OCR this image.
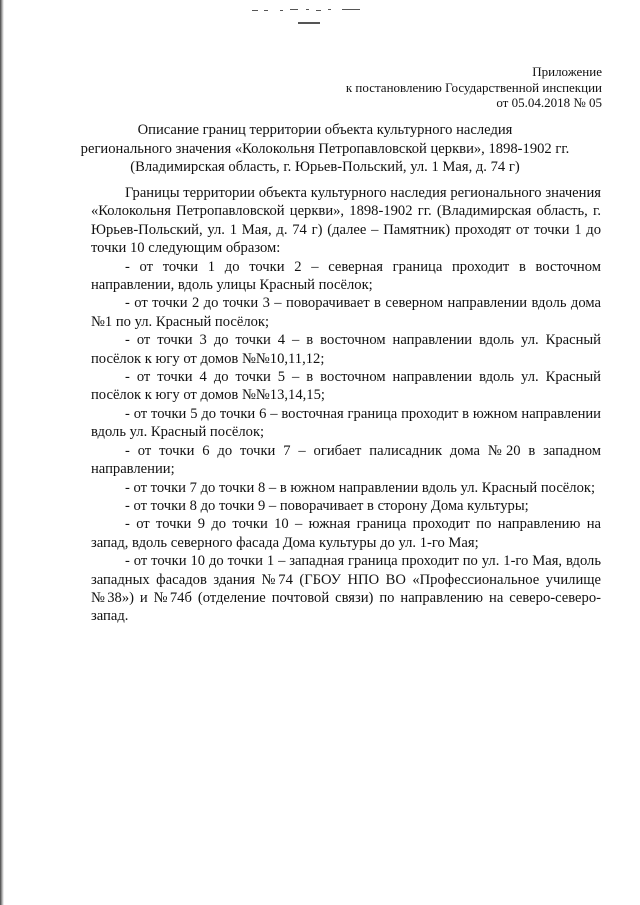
Приложение
к постановлению Государственной инспекции
от 05.04.2018 № 05
Описание границ территории объекта культурного наследия
регионального значения «Колокольня Петропавловской церкви», 1898-1902 гг.
(Владимирская область, г. Юрьев-Польский, ул. 1 Мая, д. 74 г)

Границы территории объекта культурного наследия регионального значения «Колокольня Петропавловской церкви», 1898-1902 гг. (Владимирская область, г. Юрьев-Польский, ул. 1 Мая, д. 74 г) (далее – Памятник) проходят от точки 1 до точки 10 следующим образом:

- от точки 1 до точки 2 – северная граница проходит в восточном направлении, вдоль улицы Красный посёлок;

- от точки 2 до точки 3 – поворачивает в северном направлении вдоль дома №1 по ул. Красный посёлок;

- от точки 3 до точки 4 – в восточном направлении вдоль ул. Красный посёлок к югу от домов №№10,11,12;

- от точки 4 до точки 5 – в восточном направлении вдоль ул. Красный посёлок к югу от домов №№13,14,15;

- от точки 5 до точки 6 – восточная граница проходит в южном направлении вдоль ул. Красный посёлок;

- от точки 6 до точки 7 – огибает палисадник дома №20 в западном направлении;

- от точки 7 до точки 8 – в южном направлении вдоль ул. Красный посёлок;

- от точки 8 до точки 9 – поворачивает в сторону Дома культуры;

- от точки 9 до точки 10 – южная граница проходит по направлению на запад, вдоль северного фасада Дома культуры до ул. 1-го Мая;

- от точки 10 до точки 1 – западная граница проходит по ул. 1-го Мая, вдоль западных фасадов здания №74 (ГБОУ НПО ВО «Профессиональное училище №38») и №74б (отделение почтовой связи) по направлению на северо-северо-запад.
